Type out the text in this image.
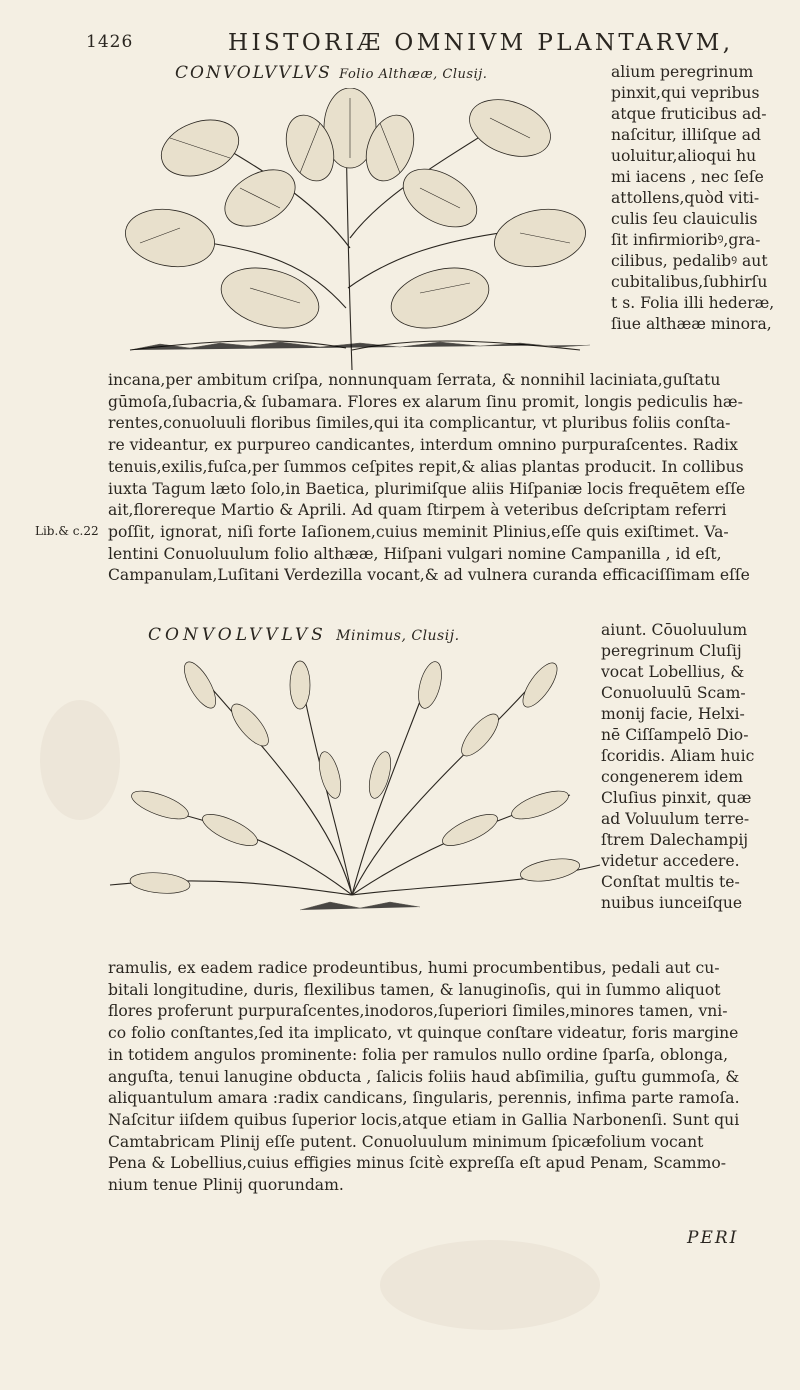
1426	HISTORIÆ OMNIVM PLANTARVM,
CONVOLVVLVS Folio Althææ, Clusij.	alium peregrinum
pinxit,qui vepribus
atque fruticibus ad-
naſcitur, illiſque ad
uoluitur,alioqui hu
mi iacens , nec ſeſe
attollens,quòd viti-
culis ſeu clauiculis
ſit infirmioribꝰ,gra-
cilibus, pedalibꝰ aut
cubitalibus,ſubhirſu
t s. Folia illi hederæ,
ſiue althææ minora,
incana,per ambitum criſpa, nonnunquam ſerrata, & nonnihil laciniata,guſtatu
gūmoſa,ſubacria,& ſubamara. Flores ex alarum ſinu promit, longis pediculis hæ-
rentes,conuoluuli floribus ſimiles,qui ita complicantur, vt pluribus foliis conſta-
re videantur, ex purpureo candicantes, interdum omnino purpuraſcentes. Radix
tenuis,exilis,fuſca,per ſummos ceſpites repit,& alias plantas producit. In collibus
iuxta Tagum læto ſolo,in Baetica, plurimiſque aliis Hiſpaniæ locis frequētem eſſe
ait,florereque Martio & Aprili. Ad quam ſtirpem à veteribus deſcriptam referri
poſſit, ignorat, niſi forte Iaſionem,cuius meminit Plinius,eſſe quis exiſtimet. Va-
lentini Conuoluulum folio althææ, Hiſpani vulgari nomine Campanilla , id eſt,
Campanulam,Luſitani Verdezilla vocant,& ad vulnera curanda efficaciſſimam eſſe
Lib.& c.22
CONVOLVVLVS Minimus, Clusij.	aiunt. Cōuoluulum
peregrinum Cluſij
vocat Lobellius, &
Conuoluulū Scam-
monij facie, Helxi-
nē Ciſſampelō Dio-
ſcoridis. Aliam huic
congenerem idem
Cluſius pinxit, quæ
ad Voluulum terre-
ſtrem Dalechampij
videtur accedere.
Conſtat multis te-
nuibus iunceiſque
ramulis, ex eadem radice prodeuntibus, humi procumbentibus, pedali aut cu-
bitali longitudine, duris, flexilibus tamen, & lanuginoſis, qui in ſummo aliquot
flores proferunt purpuraſcentes,inodoros,ſuperiori ſimiles,minores tamen, vni-
co folio conſtantes,ſed ita implicato, vt quinque conſtare videatur, foris margine
in totidem angulos prominente: folia per ramulos nullo ordine ſparſa, oblonga,
anguſta, tenui lanugine obducta , ſalicis foliis haud abſimilia, guſtu gummoſa, &
aliquantulum amara :radix candicans, ſingularis, perennis, infima parte ramoſa.
Naſcitur iiſdem quibus ſuperior locis,atque etiam in Gallia Narbonenſi. Sunt qui
Camtabricam Plinij eſſe putent. Conuoluulum minimum ſpicæfolium vocant
Pena & Lobellius,cuius effigies minus ſcitè expreſſa eſt apud Penam, Scammo-
nium tenue Plinij quorundam.
PERI
